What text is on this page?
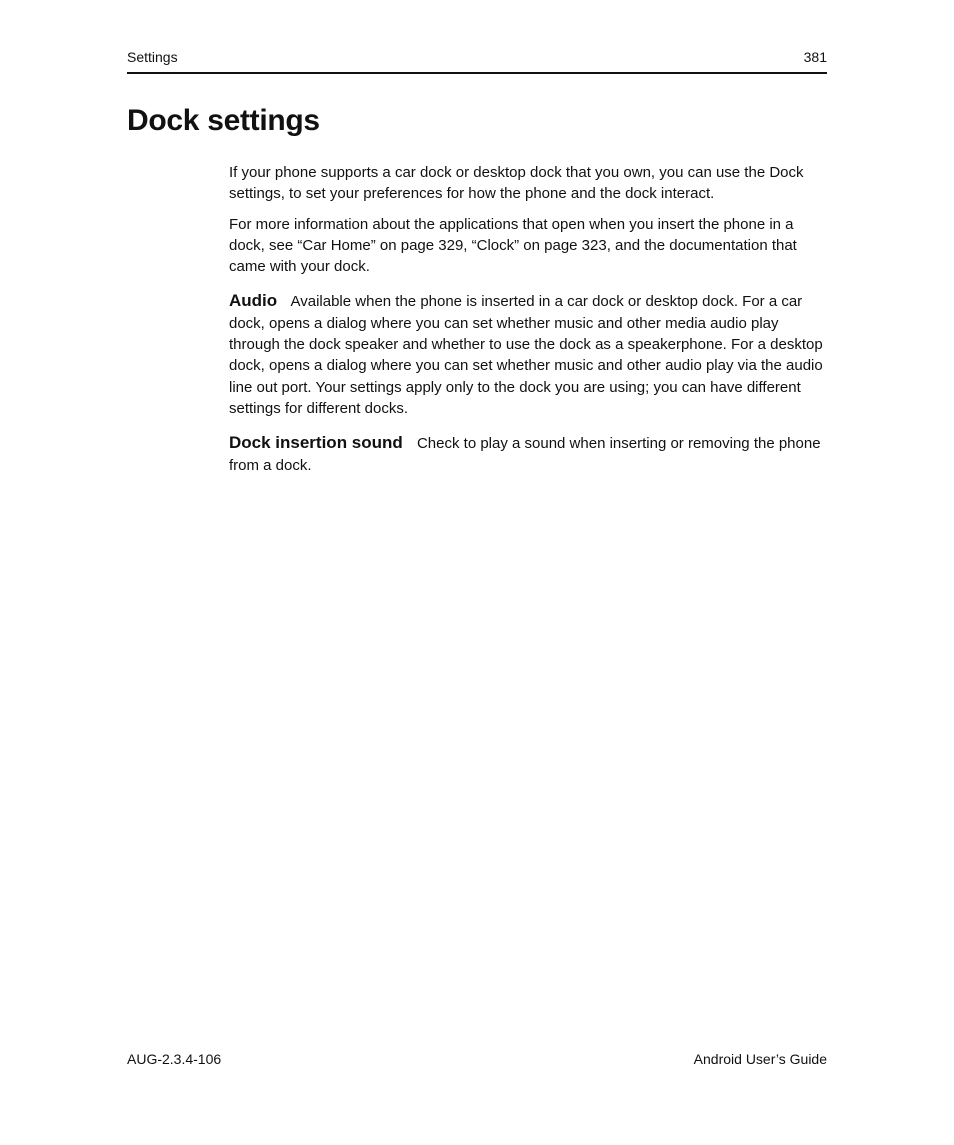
Settings	381
Dock settings

If your phone supports a car dock or desktop dock that you own, you can use the Dock settings, to set your preferences for how the phone and the dock interact.

For more information about the applications that open when you insert the phone in a dock, see “Car Home” on page 329, “Clock” on page 323, and the documentation that came with your dock.

Audio Available when the phone is inserted in a car dock or desktop dock. For a car dock, opens a dialog where you can set whether music and other media audio play through the dock speaker and whether to use the dock as a speakerphone. For a desktop dock, opens a dialog where you can set whether music and other audio play via the audio line out port. Your settings apply only to the dock you are using; you can have different settings for different docks.

Dock insertion sound Check to play a sound when inserting or removing the phone from a dock.

AUG-2.3.4-106	Android User’s Guide
